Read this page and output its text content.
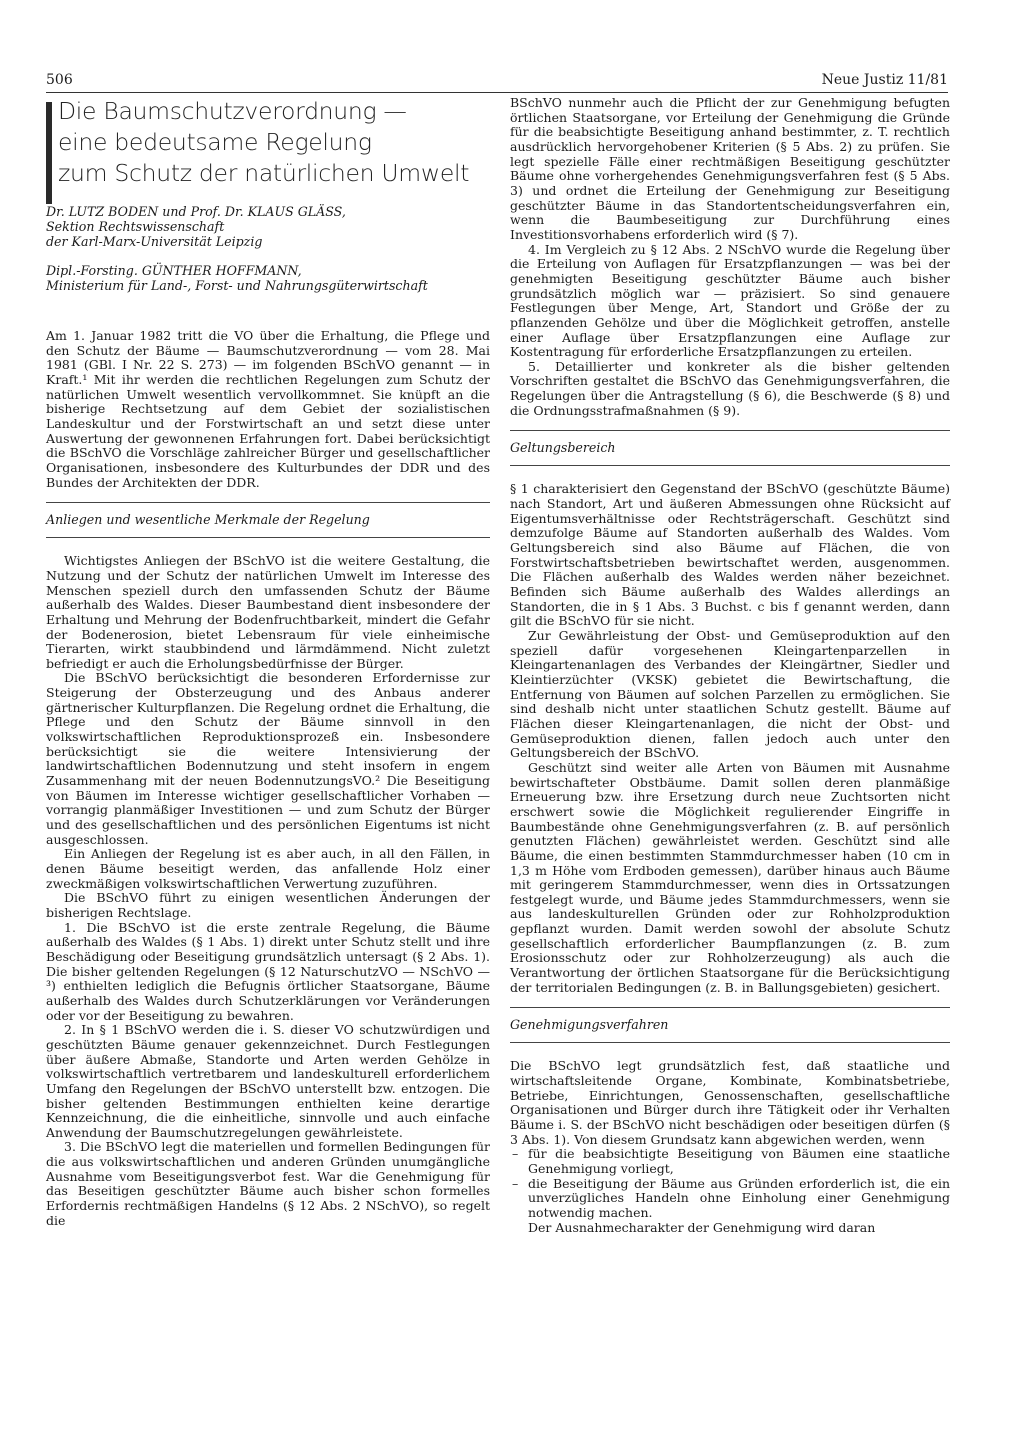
506	Neue Justiz 11/81
Die Baumschutzverordnung —
eine bedeutsame Regelung
zum Schutz der natürlichen Umwelt
Dr. LUTZ BODEN und Prof. Dr. KLAUS GLÄSS,
Sektion Rechtswissenschaft
der Karl-Marx-Universität Leipzig
Dipl.-Forsting. GÜNTHER HOFFMANN,
Ministerium für Land-, Forst- und Nahrungsgüterwirtschaft

Am 1. Januar 1982 tritt die VO über die Erhaltung, die Pflege und den Schutz der Bäume — Baumschutzverordnung — vom 28. Mai 1981 (GBl. I Nr. 22 S. 273) — im folgenden BSchVO genannt — in Kraft.¹ Mit ihr werden die rechtlichen Regelungen zum Schutz der natürlichen Umwelt wesentlich vervollkommnet. Sie knüpft an die bisherige Rechtsetzung auf dem Gebiet der sozialistischen Landeskultur und der Forstwirtschaft an und setzt diese unter Auswertung der gewonnenen Erfahrungen fort. Dabei berücksichtigt die BSchVO die Vorschläge zahlreicher Bürger und gesellschaftlicher Organisationen, insbesondere des Kulturbundes der DDR und des Bundes der Architekten der DDR.

Anliegen und wesentliche Merkmale der Regelung

Wichtigstes Anliegen der BSchVO ist die weitere Gestaltung, die Nutzung und der Schutz der natürlichen Umwelt im Interesse des Menschen speziell durch den umfassenden Schutz der Bäume außerhalb des Waldes. Dieser Baumbestand dient insbesondere der Erhaltung und Mehrung der Bodenfruchtbarkeit, mindert die Gefahr der Bodenerosion, bietet Lebensraum für viele einheimische Tierarten, wirkt staubbindend und lärmdämmend. Nicht zuletzt befriedigt er auch die Erholungsbedürfnisse der Bürger.

Die BSchVO berücksichtigt die besonderen Erfordernisse zur Steigerung der Obsterzeugung und des Anbaus anderer gärtnerischer Kulturpflanzen. Die Regelung ordnet die Erhaltung, die Pflege und den Schutz der Bäume sinnvoll in den volkswirtschaftlichen Reproduktionsprozeß ein. Insbesondere berücksichtigt sie die weitere Intensivierung der landwirtschaftlichen Bodennutzung und steht insofern in engem Zusammenhang mit der neuen BodennutzungsVO.² Die Beseitigung von Bäumen im Interesse wichtiger gesellschaftlicher Vorhaben — vorrangig planmäßiger Investitionen — und zum Schutz der Bürger und des gesellschaftlichen und des persönlichen Eigentums ist nicht ausgeschlossen.

Ein Anliegen der Regelung ist es aber auch, in all den Fällen, in denen Bäume beseitigt werden, das anfallende Holz einer zweckmäßigen volkswirtschaftlichen Verwertung zuzuführen.

Die BSchVO führt zu einigen wesentlichen Änderungen der bisherigen Rechtslage.

1. Die BSchVO ist die erste zentrale Regelung, die Bäume außerhalb des Waldes (§ 1 Abs. 1) direkt unter Schutz stellt und ihre Beschädigung oder Beseitigung grundsätzlich untersagt (§ 2 Abs. 1). Die bisher geltenden Regelungen (§ 12 NaturschutzVO — NSchVO —³) enthielten lediglich die Befugnis örtlicher Staatsorgane, Bäume außerhalb des Waldes durch Schutzerklärungen vor Veränderungen oder vor der Beseitigung zu bewahren.

2. In § 1 BSchVO werden die i. S. dieser VO schutzwürdigen und geschützten Bäume genauer gekennzeichnet. Durch Festlegungen über äußere Abmaße, Standorte und Arten werden Gehölze in volkswirtschaftlich vertretbarem und landeskulturell erforderlichem Umfang den Regelungen der BSchVO unterstellt bzw. entzogen. Die bisher geltenden Bestimmungen enthielten keine derartige Kennzeichnung, die die einheitliche, sinnvolle und auch einfache Anwendung der Baumschutzregelungen gewährleistete.

3. Die BSchVO legt die materiellen und formellen Bedingungen für die aus volkswirtschaftlichen und anderen Gründen unumgängliche Ausnahme vom Beseitigungsverbot fest. War die Genehmigung für das Beseitigen geschützter Bäume auch bisher schon formelles Erfordernis rechtmäßigen Handelns (§ 12 Abs. 2 NSchVO), so regelt die

BSchVO nunmehr auch die Pflicht der zur Genehmigung befugten örtlichen Staatsorgane, vor Erteilung der Genehmigung die Gründe für die beabsichtigte Beseitigung anhand bestimmter, z. T. rechtlich ausdrücklich hervorgehobener Kriterien (§ 5 Abs. 2) zu prüfen. Sie legt spezielle Fälle einer rechtmäßigen Beseitigung geschützter Bäume ohne vorhergehendes Genehmigungsverfahren fest (§ 5 Abs. 3) und ordnet die Erteilung der Genehmigung zur Beseitigung geschützter Bäume in das Standortentscheidungsverfahren ein, wenn die Baumbeseitigung zur Durchführung eines Investitionsvorhabens erforderlich wird (§ 7).

4. Im Vergleich zu § 12 Abs. 2 NSchVO wurde die Regelung über die Erteilung von Auflagen für Ersatzpflanzungen — was bei der genehmigten Beseitigung geschützter Bäume auch bisher grundsätzlich möglich war — präzisiert. So sind genauere Festlegungen über Menge, Art, Standort und Größe der zu pflanzenden Gehölze und über die Möglichkeit getroffen, anstelle einer Auflage über Ersatzpflanzungen eine Auflage zur Kostentragung für erforderliche Ersatzpflanzungen zu erteilen.

5. Detaillierter und konkreter als die bisher geltenden Vorschriften gestaltet die BSchVO das Genehmigungsverfahren, die Regelungen über die Antragstellung (§ 6), die Beschwerde (§ 8) und die Ordnungsstrafmaßnahmen (§ 9).

Geltungsbereich

§ 1 charakterisiert den Gegenstand der BSchVO (geschützte Bäume) nach Standort, Art und äußeren Abmessungen ohne Rücksicht auf Eigentumsverhältnisse oder Rechtsträgerschaft. Geschützt sind demzufolge Bäume auf Standorten außerhalb des Waldes. Vom Geltungsbereich sind also Bäume auf Flächen, die von Forstwirtschaftsbetrieben bewirtschaftet werden, ausgenommen. Die Flächen außerhalb des Waldes werden näher bezeichnet. Befinden sich Bäume außerhalb des Waldes allerdings an Standorten, die in § 1 Abs. 3 Buchst. c bis f genannt werden, dann gilt die BSchVO für sie nicht.

Zur Gewährleistung der Obst- und Gemüseproduktion auf den speziell dafür vorgesehenen Kleingartenparzellen in Kleingartenanlagen des Verbandes der Kleingärtner, Siedler und Kleintierzüchter (VKSK) gebietet die Bewirtschaftung, die Entfernung von Bäumen auf solchen Parzellen zu ermöglichen. Sie sind deshalb nicht unter staatlichen Schutz gestellt. Bäume auf Flächen dieser Kleingartenanlagen, die nicht der Obst- und Gemüseproduktion dienen, fallen jedoch auch unter den Geltungsbereich der BSchVO.

Geschützt sind weiter alle Arten von Bäumen mit Ausnahme bewirtschafteter Obstbäume. Damit sollen deren planmäßige Erneuerung bzw. ihre Ersetzung durch neue Zuchtsorten nicht erschwert sowie die Möglichkeit regulierender Eingriffe in Baumbestände ohne Genehmigungsverfahren (z. B. auf persönlich genutzten Flächen) gewährleistet werden. Geschützt sind alle Bäume, die einen bestimmten Stammdurchmesser haben (10 cm in 1,3 m Höhe vom Erdboden gemessen), darüber hinaus auch Bäume mit geringerem Stammdurchmesser, wenn dies in Ortssatzungen festgelegt wurde, und Bäume jedes Stammdurchmessers, wenn sie aus landeskulturellen Gründen oder zur Rohholzproduktion gepflanzt wurden. Damit werden sowohl der absolute Schutz gesellschaftlich erforderlicher Baumpflanzungen (z. B. zum Erosionsschutz oder zur Rohholzerzeugung) als auch die Verantwortung der örtlichen Staatsorgane für die Berücksichtigung der territorialen Bedingungen (z. B. in Ballungsgebieten) gesichert.

Genehmigungsverfahren

Die BSchVO legt grundsätzlich fest, daß staatliche und wirtschaftsleitende Organe, Kombinate, Kombinatsbetriebe, Betriebe, Einrichtungen, Genossenschaften, gesellschaftliche Organisationen und Bürger durch ihre Tätigkeit oder ihr Verhalten Bäume i. S. der BSchVO nicht beschädigen oder beseitigen dürfen (§ 3 Abs. 1). Von diesem Grundsatz kann abgewichen werden, wenn

– für die beabsichtigte Beseitigung von Bäumen eine staatliche Genehmigung vorliegt,
– die Beseitigung der Bäume aus Gründen erforderlich ist, die ein unverzügliches Handeln ohne Einholung einer Genehmigung notwendig machen.

Der Ausnahmecharakter der Genehmigung wird daran
